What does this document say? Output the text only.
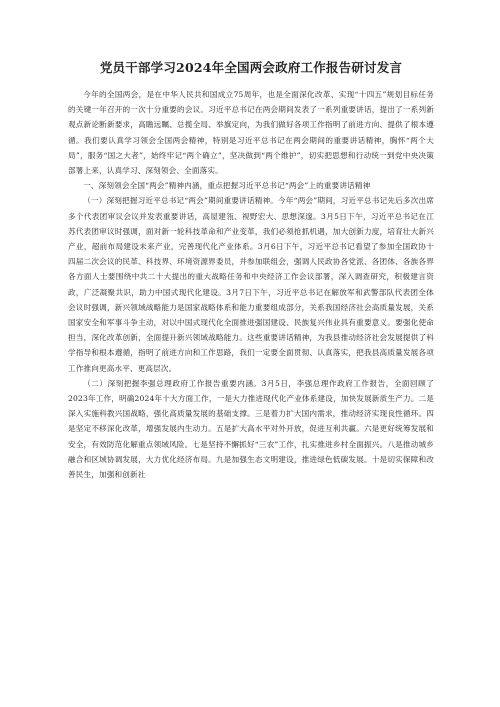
党员干部学习2024年全国两会政府工作报告研讨发言

今年的全国两会，是在中华人民共和国成立75周年，也是全面深化改革、实现“十四五”规划目标任务的关键一年召开的一次十分重要的会议。习近平总书记在两会期间发表了一系列重要讲话，提出了一系列新观点新论断新要求，高瞻远瞩、总揽全局、举旗定向，为我们做好各项工作指明了前进方向、提供了根本遵循。我们要认真学习领会全国两会精神，特别是习近平总书记在两会期间的重要讲话精神，胸怀“两个大局”，服务“国之大者”，始终牢记“两个确立”，坚决做到“两个维护”，切实把思想和行动统一到党中央决策部署上来，认真学习、深刻领会、全面落实。

一、深刻领会全国“两会”精神内涵，重点把握习近平总书记“两会”上的重要讲话精神

（一）深刻把握习近平总书记“两会”期间重要讲话精神。今年“两会”期间，习近平总书记先后多次出席多个代表团审议会议并发表重要讲话，高屋建瓴、视野宏大、思想深邃。3月5日下午，习近平总书记在江苏代表团审议时强调，面对新一轮科技革命和产业变革，我们必须抢抓机遇，加大创新力度，培育壮大新兴产业，超前布局建设未来产业，完善现代化产业体系。3月6日下午，习近平总书记看望了参加全国政协十四届二次会议的民革、科技界、环境资源界委员，并参加联组会，强调人民政协各党派、各团体、各族各界各方面人士要围绕中共二十大提出的重大战略任务和中央经济工作会议部署，深入调查研究，积极建言资政，广泛凝聚共识，助力中国式现代化建设。3月7日下午，习近平总书记在解放军和武警部队代表团全体会议时强调，新兴领域战略能力是国家战略体系和能力重要组成部分，关系我国经济社会高质量发展，关系国家安全和军事斗争主动，对以中国式现代化全面推进强国建设、民族复兴伟业具有重要意义。要强化使命担当，深化改革创新，全面提升新兴领域战略能力。这些重要讲话精神，为我县推动经济社会发展提供了科学指导和根本遵循，指明了前进方向和工作思路，我们一定要全面贯彻、认真落实，把我县高质量发展各项工作推向更高水平、更高层次。

（二）深刻把握李强总理政府工作报告重要内涵。3月5日，李强总理作政府工作报告，全面回顾了2023年工作，明确2024年十大方面工作，一是大力推进现代化产业体系建设，加快发展新质生产力。二是深入实施科教兴国战略，强化高质量发展的基础支撑。三是着力扩大国内需求，推动经济实现良性循环。四是坚定不移深化改革，增强发展内生动力。五是扩大高水平对外开放，促进互利共赢。六是更好统筹发展和安全，有效防范化解重点领域风险。七是坚持不懈抓好“三农”工作，扎实推进乡村全面振兴。八是推动城乡融合和区域协调发展，大力优化经济布局。九是加强生态文明建设，推进绿色低碳发展。十是切实保障和改善民生，加强和创新社
